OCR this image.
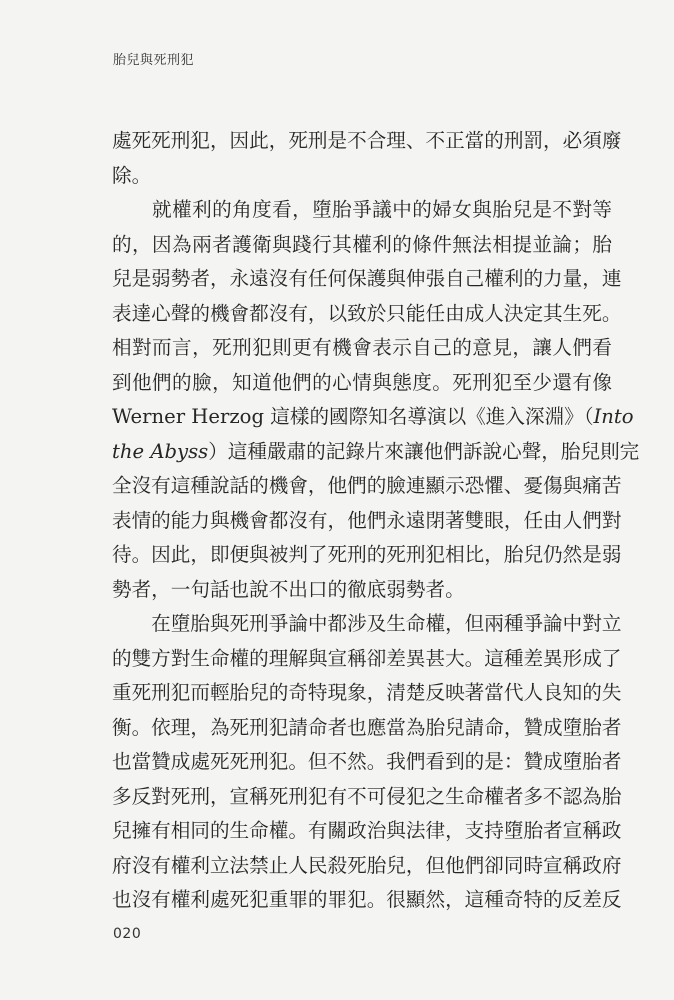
胎兒與死刑犯
處死死刑犯，因此，死刑是不合理、不正當的刑罰，必須廢
除。
　　就權利的角度看，墮胎爭議中的婦女與胎兒是不對等
的，因為兩者護衛與踐行其權利的條件無法相提並論；胎
兒是弱勢者，永遠沒有任何保護與伸張自己權利的力量，連
表達心聲的機會都沒有，以致於只能任由成人決定其生死。
相對而言，死刑犯則更有機會表示自己的意見，讓人們看
到他們的臉，知道他們的心情與態度。死刑犯至少還有像
Werner Herzog 這樣的國際知名導演以《進入深淵》（Into
the Abyss）這種嚴肅的記錄片來讓他們訴說心聲，胎兒則完
全沒有這種說話的機會，他們的臉連顯示恐懼、憂傷與痛苦
表情的能力與機會都沒有，他們永遠閉著雙眼，任由人們對
待。因此，即便與被判了死刑的死刑犯相比，胎兒仍然是弱
勢者，一句話也說不出口的徹底弱勢者。
　　在墮胎與死刑爭論中都涉及生命權，但兩種爭論中對立
的雙方對生命權的理解與宣稱卻差異甚大。這種差異形成了
重死刑犯而輕胎兒的奇特現象，清楚反映著當代人良知的失
衡。依理，為死刑犯請命者也應當為胎兒請命，贊成墮胎者
也當贊成處死死刑犯。但不然。我們看到的是：贊成墮胎者
多反對死刑，宣稱死刑犯有不可侵犯之生命權者多不認為胎
兒擁有相同的生命權。有關政治與法律，支持墮胎者宣稱政
府沒有權利立法禁止人民殺死胎兒，但他們卻同時宣稱政府
也沒有權利處死犯重罪的罪犯。很顯然，這種奇特的反差反
020
